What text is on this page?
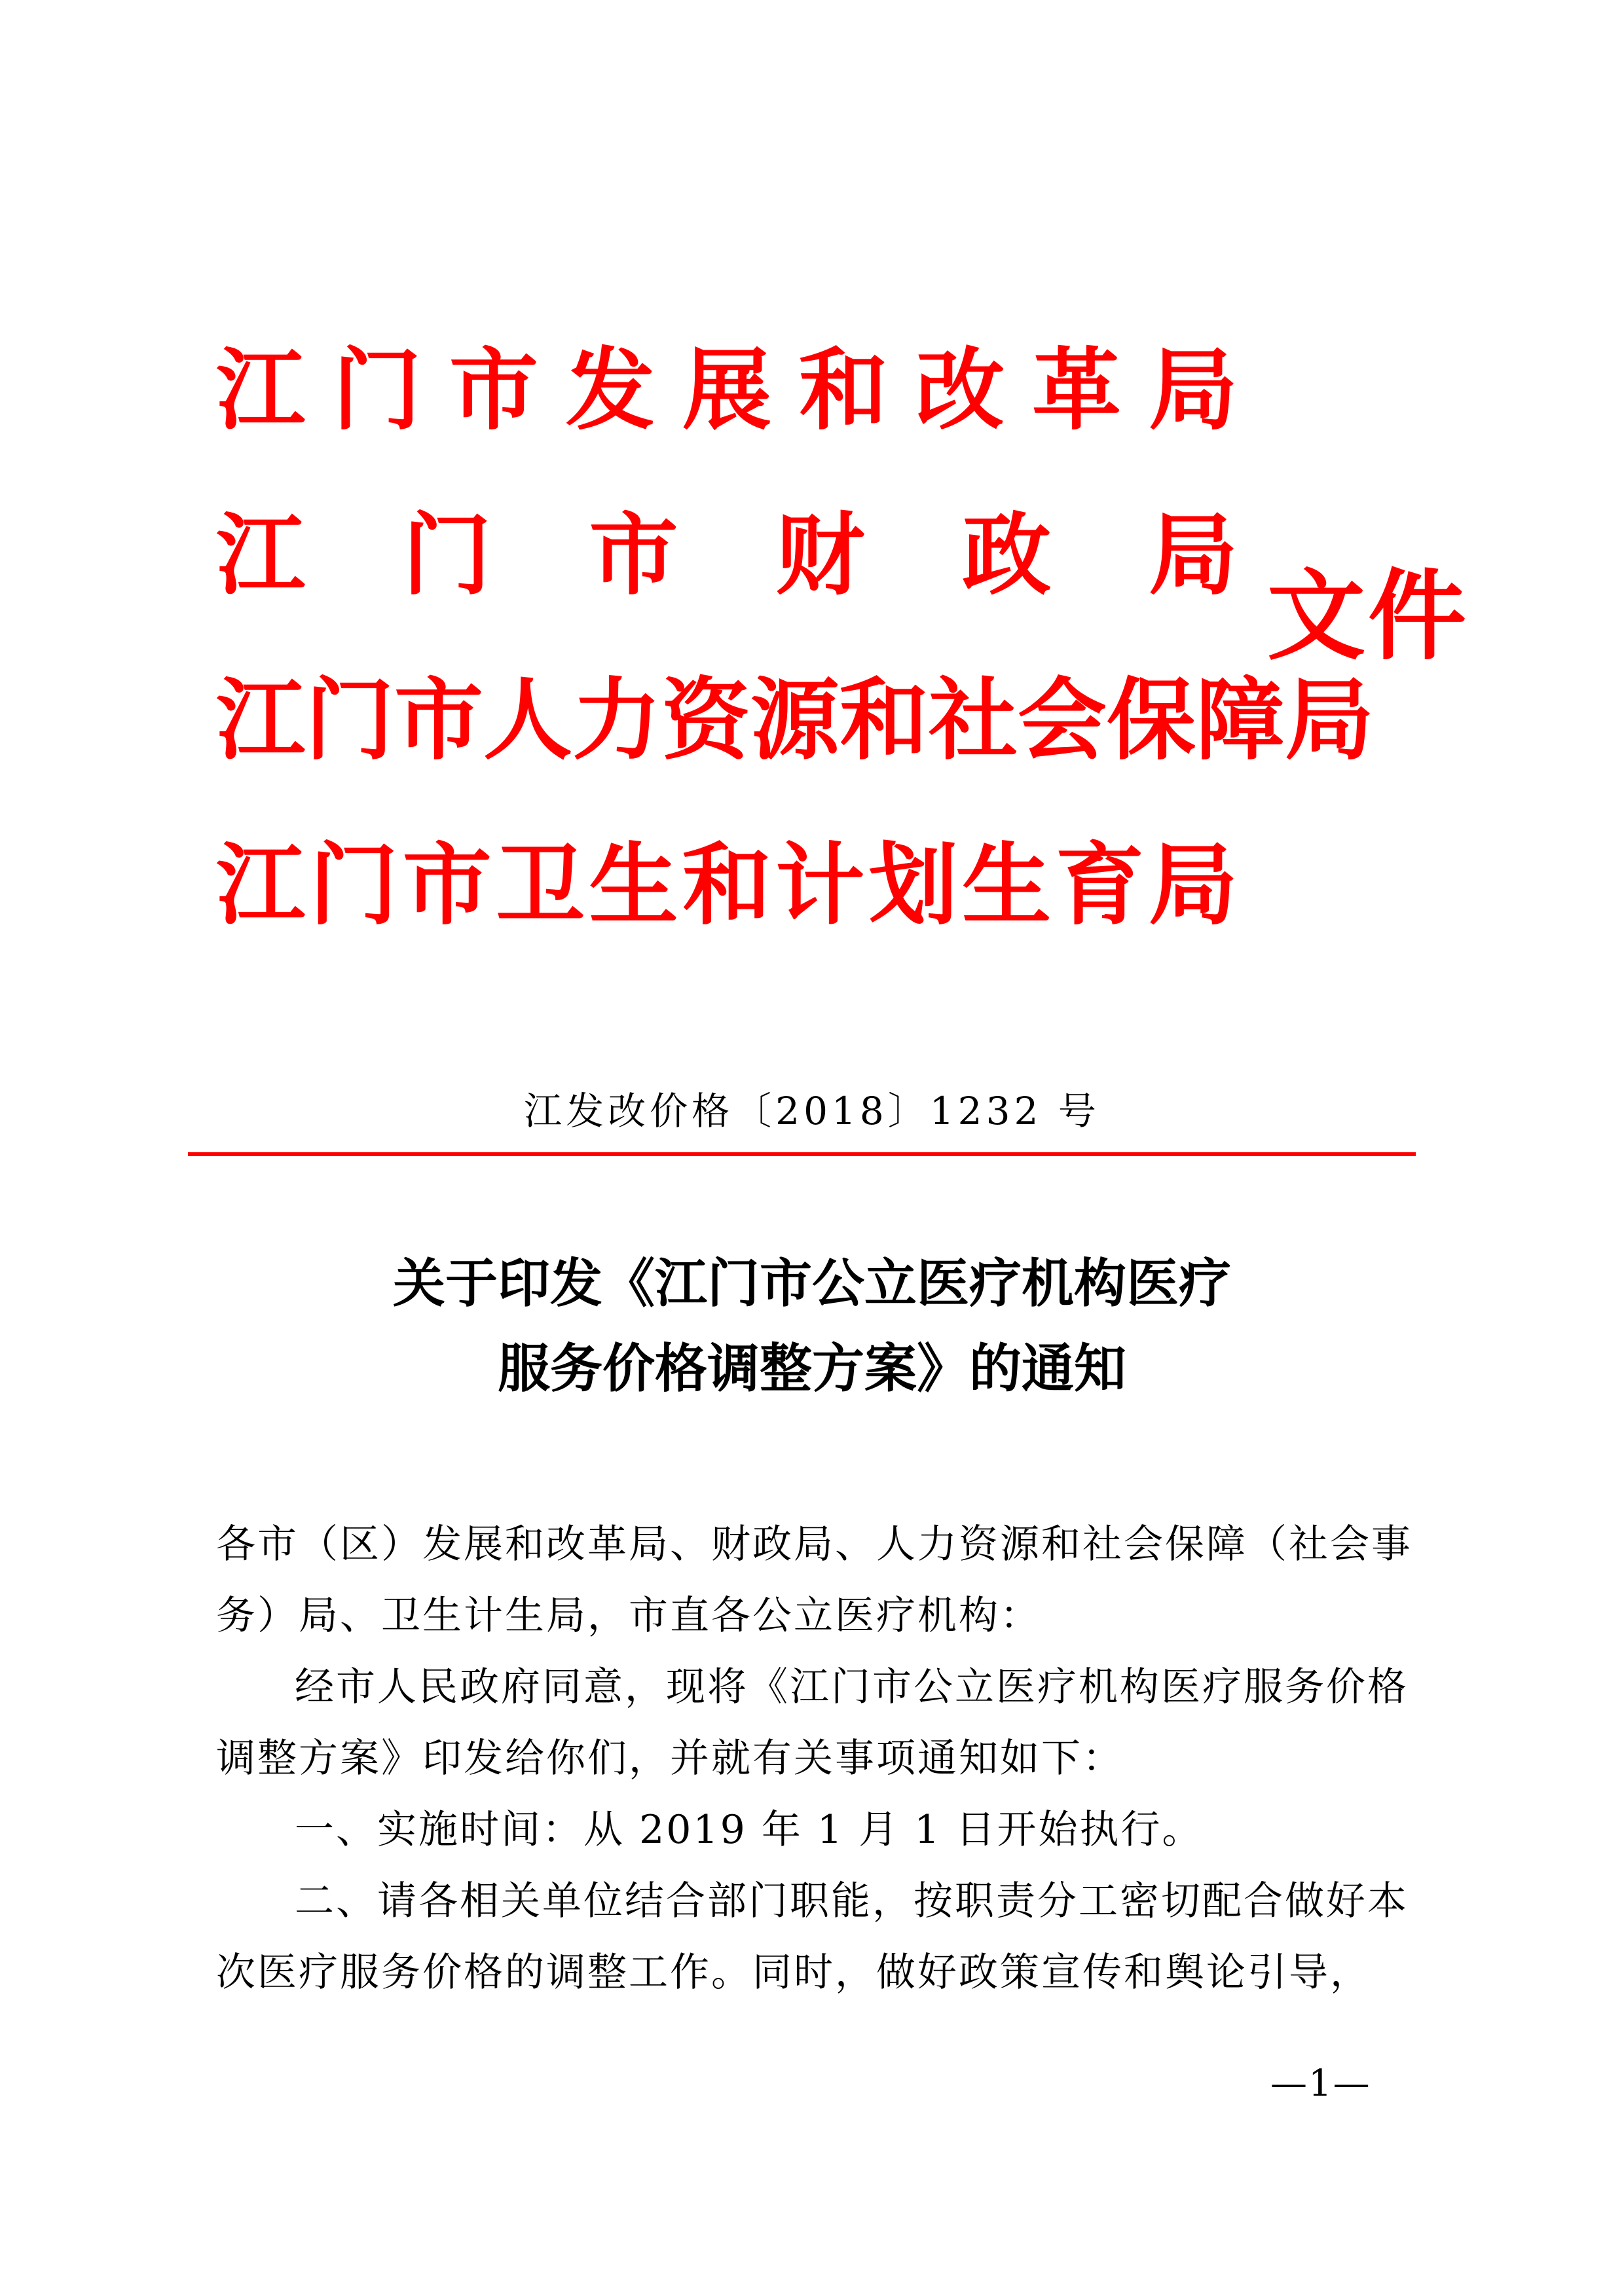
江 门 市 发 展 和 改 革 局
江 门 市 财 政 局
江 门 市 人 力 资 源 和 社 会 保 障 局
江 门 市 卫 生 和 计 划 生 育 局
文件
江发改价格〔2018〕1232 号
关于印发《江门市公立医疗机构医疗
服务价格调整方案》的通知

各市（区）发展和改革局、财政局、人力资源和社会保障（社会事务）局、卫生计生局，市直各公立医疗机构：

经市人民政府同意，现将《江门市公立医疗机构医疗服务价格调整方案》印发给你们，并就有关事项通知如下：

一、实施时间：从 2019 年 1 月 1 日开始执行。

二、请各相关单位结合部门职能，按职责分工密切配合做好本次医疗服务价格的调整工作。同时，做好政策宣传和舆论引导，

—1—
